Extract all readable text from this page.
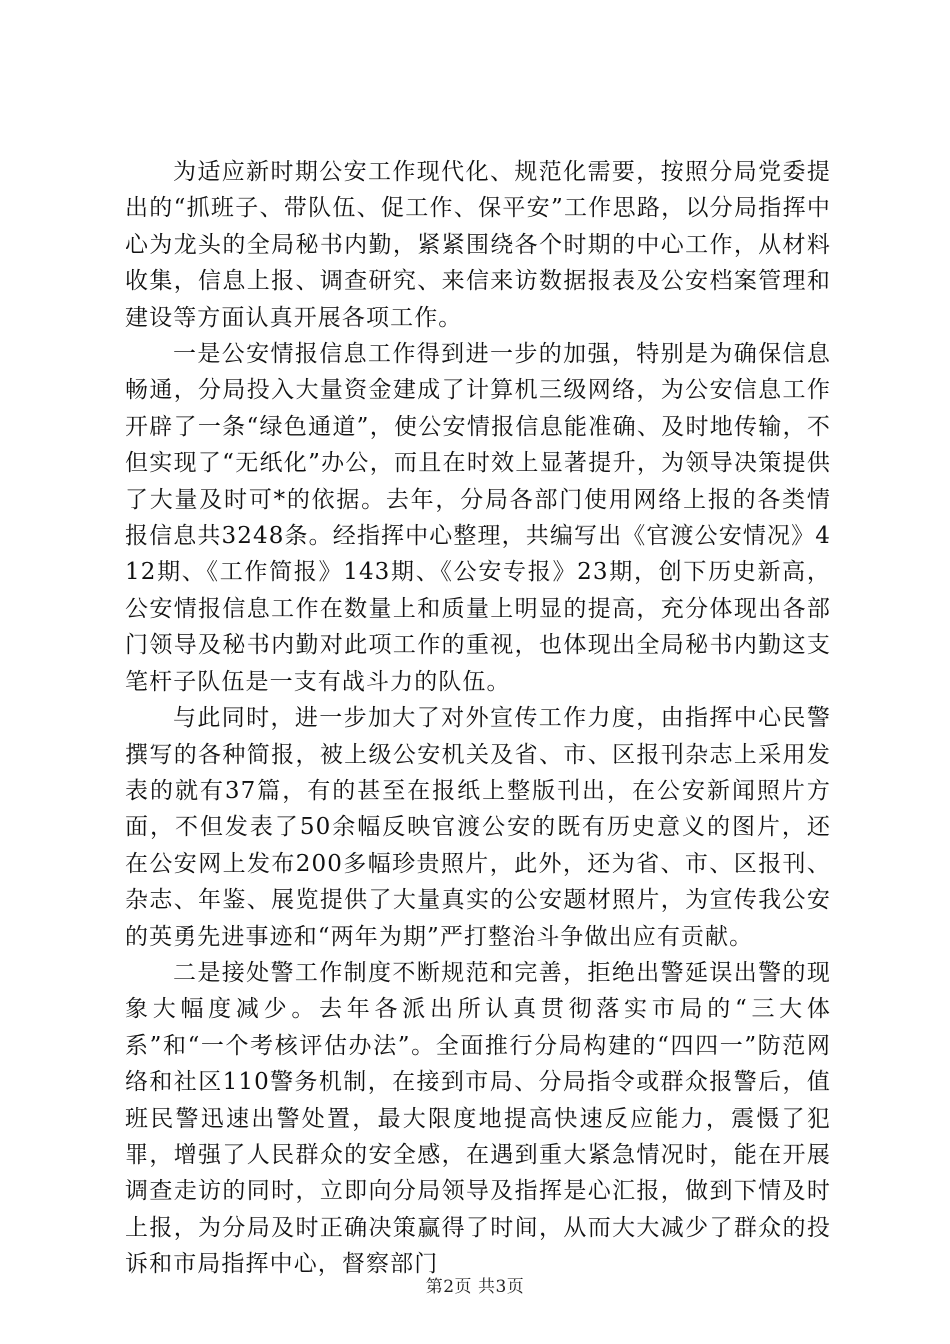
为适应新时期公安工作现代化、规范化需要，按照分局党委提出的“抓班子、带队伍、促工作、保平安”工作思路，以分局指挥中心为龙头的全局秘书内勤，紧紧围绕各个时期的中心工作，从材料收集，信息上报、调查研究、来信来访数据报表及公安档案管理和建设等方面认真开展各项工作。

一是公安情报信息工作得到进一步的加强，特别是为确保信息畅通，分局投入大量资金建成了计算机三级网络，为公安信息工作开辟了一条“绿色通道”，使公安情报信息能准确、及时地传输，不但实现了“无纸化”办公，而且在时效上显著提升，为领导决策提供了大量及时可*的依据。去年，分局各部门使用网络上报的各类情报信息共3248条。经指挥中心整理，共编写出《官渡公安情况》412期、《工作简报》143期、《公安专报》23期，创下历史新高，公安情报信息工作在数量上和质量上明显的提高，充分体现出各部门领导及秘书内勤对此项工作的重视，也体现出全局秘书内勤这支笔杆子队伍是一支有战斗力的队伍。

与此同时，进一步加大了对外宣传工作力度，由指挥中心民警撰写的各种简报，被上级公安机关及省、市、区报刊杂志上采用发表的就有37篇，有的甚至在报纸上整版刊出，在公安新闻照片方面，不但发表了50余幅反映官渡公安的既有历史意义的图片，还在公安网上发布200多幅珍贵照片，此外，还为省、市、区报刊、杂志、年鉴、展览提供了大量真实的公安题材照片，为宣传我公安的英勇先进事迹和“两年为期”严打整治斗争做出应有贡献。

二是接处警工作制度不断规范和完善，拒绝出警延误出警的现象大幅度减少。去年各派出所认真贯彻落实市局的“三大体系”和“一个考核评估办法”。全面推行分局构建的“四四一”防范网络和社区110警务机制，在接到市局、分局指令或群众报警后，值班民警迅速出警处置，最大限度地提高快速反应能力，震慑了犯罪，增强了人民群众的安全感，在遇到重大紧急情况时，能在开展调查走访的同时，立即向分局领导及指挥是心汇报，做到下情及时上报，为分局及时正确决策赢得了时间，从而大大减少了群众的投诉和市局指挥中心，督察部门

第2页 共3页
